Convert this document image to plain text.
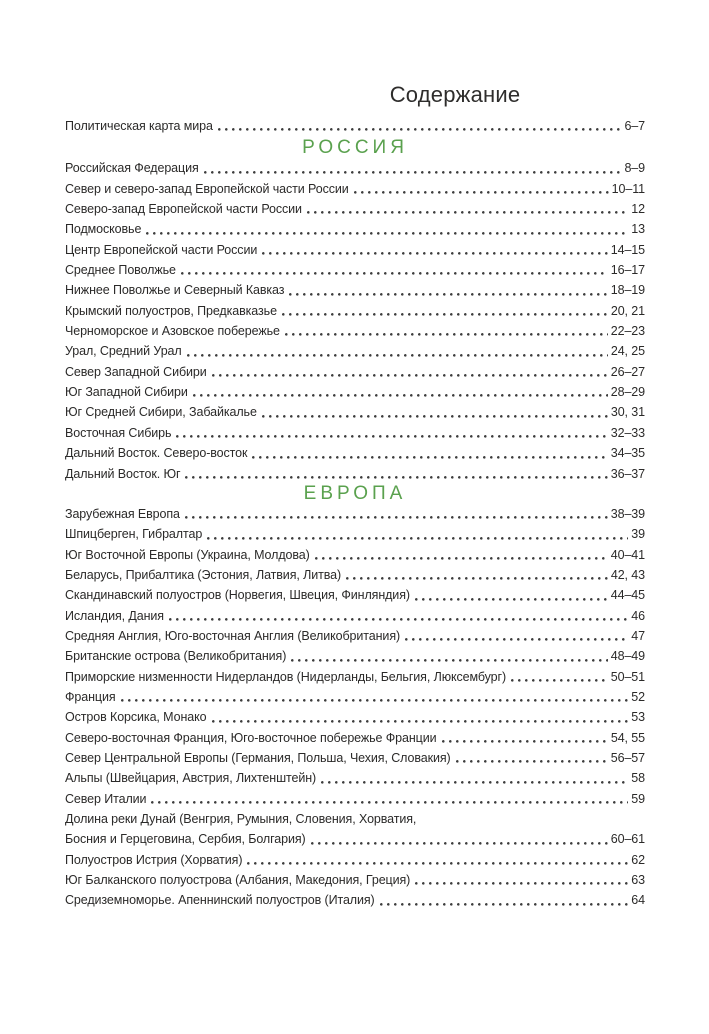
Содержание
Политическая карта мира	6–7
РОССИЯ
Российская Федерация	8–9
Север и северо-запад Европейской части России	10–11
Северо-запад Европейской части России	12
Подмосковье	13
Центр Европейской части России	14–15
Среднее Поволжье	16–17
Нижнее Поволжье и Северный Кавказ	18–19
Крымский полуостров, Предкавказье	20, 21
Черноморское и Азовское побережье	22–23
Урал, Средний Урал	24, 25
Север Западной Сибири	26–27
Юг Западной Сибири	28–29
Юг Средней Сибири, Забайкалье	30, 31
Восточная Сибирь	32–33
Дальний Восток. Северо-восток	34–35
Дальний Восток. Юг	36–37
ЕВРОПА
Зарубежная Европа	38–39
Шпицберген, Гибралтар	39
Юг Восточной Европы (Украина, Молдова)	40–41
Беларусь, Прибалтика (Эстония, Латвия, Литва)	42, 43
Скандинавский полуостров (Норвегия, Швеция, Финляндия)	44–45
Исландия, Дания	46
Средняя Англия, Юго-восточная Англия (Великобритания)	47
Британские острова (Великобритания)	48–49
Приморские низменности Нидерландов (Нидерланды, Бельгия, Люксембург)	50–51
Франция	52
Остров Корсика, Монако	53
Северо-восточная Франция, Юго-восточное побережье Франции	54, 55
Север Центральной Европы (Германия, Польша, Чехия, Словакия)	56–57
Альпы (Швейцария, Австрия, Лихтенштейн)	58
Север Италии	59
Долина реки Дунай (Венгрия, Румыния, Словения, Хорватия,
Босния и Герцеговина, Сербия, Болгария)	60–61
Полуостров Истрия (Хорватия)	62
Юг Балканского полуострова (Албания, Македония, Греция)	63
Средиземноморье. Апеннинский полуостров (Италия)	64
